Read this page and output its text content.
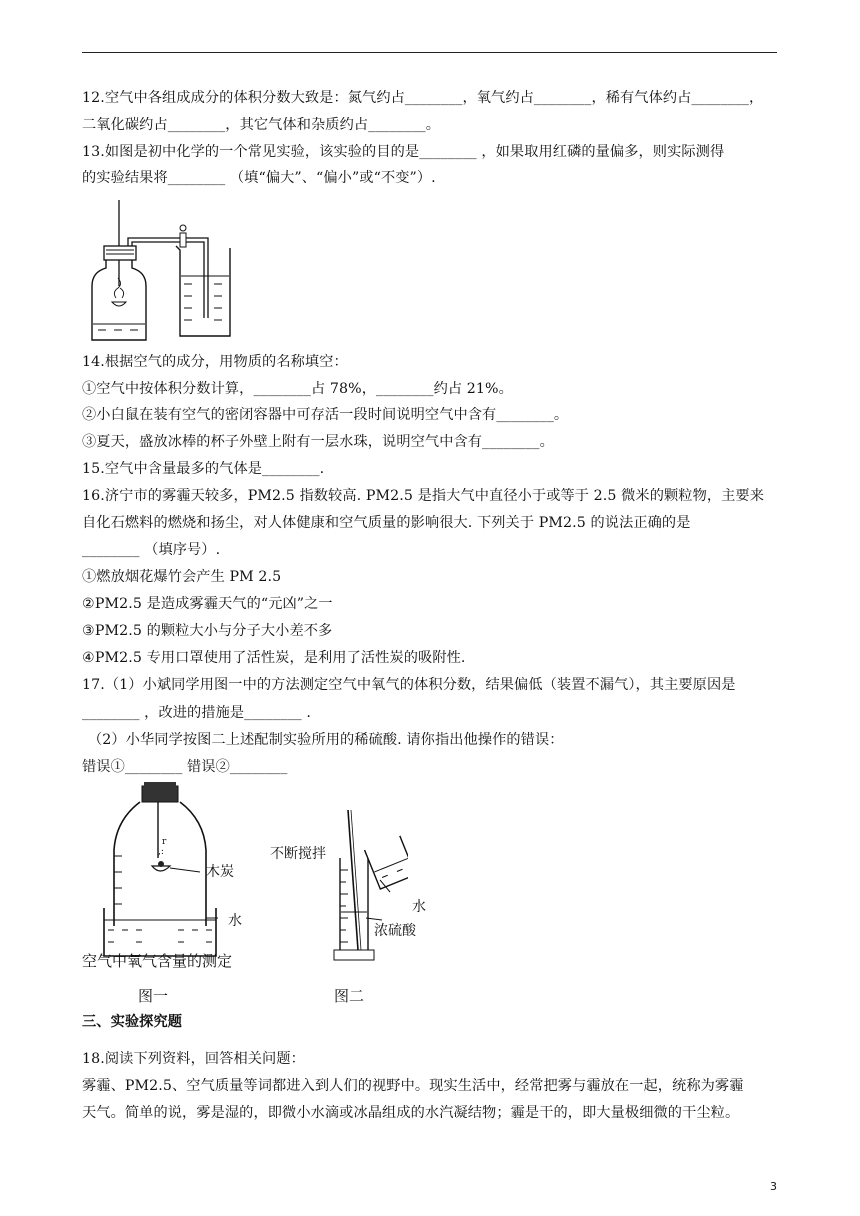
12.空气中各组成成分的体积分数大致是：氮气约占________，氧气约占________，稀有气体约占________，
二氧化碳约占________，其它气体和杂质约占________。
13.如图是初中化学的一个常见实验，该实验的目的是________ ，如果取用红磷的量偏多，则实际测得
的实验结果将________ （填“偏大”、“偏小”或“不变”）.
14.根据空气的成分，用物质的名称填空：
①空气中按体积分数计算，________占 78%，________约占 21%。
②小白鼠在装有空气的密闭容器中可存活一段时间说明空气中含有________。
③夏天，盛放冰棒的杯子外壁上附有一层水珠，说明空气中含有________。
15.空气中含量最多的气体是________.
16.济宁市的雾霾天较多，PM2.5 指数较高. PM2.5 是指大气中直径小于或等于 2.5 微米的颗粒物，主要来
自化石燃料的燃烧和扬尘，对人体健康和空气质量的影响很大. 下列关于 PM2.5 的说法正确的是
________ （填序号）.
①燃放烟花爆竹会产生 PM 2.5
②PM2.5 是造成雾霾天气的“元凶”之一
③PM2.5 的颗粒大小与分子大小差不多
④PM2.5 专用口罩使用了活性炭，是利用了活性炭的吸附性.
17.（1）小斌同学用图一中的方法测定空气中氧气的体积分数，结果偏低（装置不漏气），其主要原因是
________ ，改进的措施是________ .
（2）小华同学按图二上述配制实验所用的稀硫酸. 请你指出他操作的错误：
错误①________ 错误②________
r
,:
木炭
水
空气中氧气含量的测定
图一
不断搅拌
水
浓硫酸
图二
三、实验探究题
18.阅读下列资料，回答相关问题：
雾霾、PM2.5、空气质量等词都进入到人们的视野中。现实生活中，经常把雾与霾放在一起，统称为雾霾
天气。简单的说，雾是湿的，即微小水滴或冰晶组成的水汽凝结物；霾是干的，即大量极细微的干尘粒。
3
